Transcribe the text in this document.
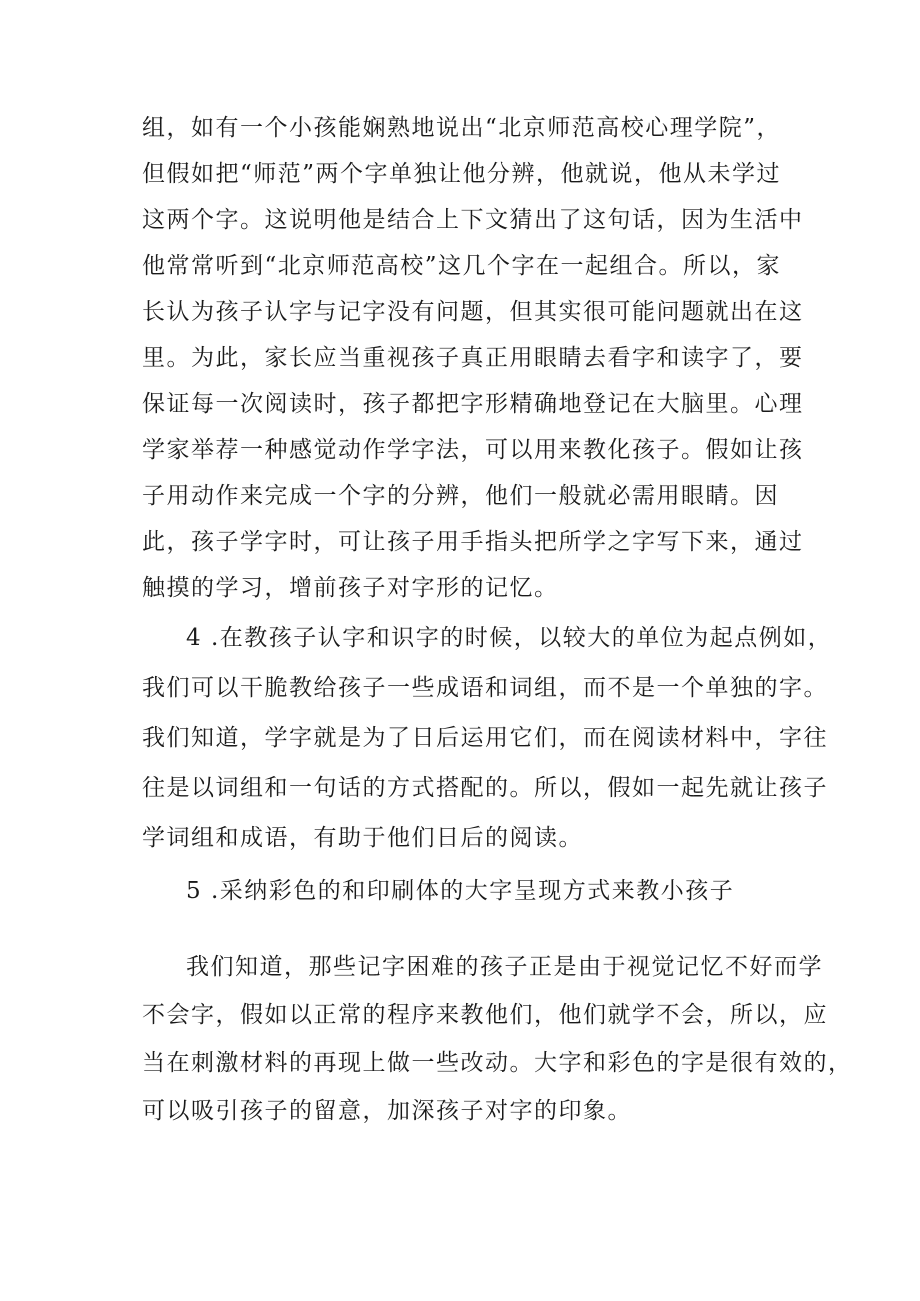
组，如有一个小孩能娴熟地说出“北京师范高校心理学院”，
但假如把“师范”两个字单独让他分辨，他就说，他从未学过
这两个字。这说明他是结合上下文猜出了这句话，因为生活中
他常常听到“北京师范高校”这几个字在一起组合。所以，家
长认为孩子认字与记字没有问题，但其实很可能问题就出在这
里。为此，家长应当重视孩子真正用眼睛去看字和读字了，要
保证每一次阅读时，孩子都把字形精确地登记在大脑里。心理
学家举荐一种感觉动作学字法，可以用来教化孩子。假如让孩
子用动作来完成一个字的分辨，他们一般就必需用眼睛。因
此，孩子学字时，可让孩子用手指头把所学之字写下来，通过
触摸的学习，增前孩子对字形的记忆。
4 .在教孩子认字和识字的时候，以较大的单位为起点例如，
我们可以干脆教给孩子一些成语和词组，而不是一个单独的字。
我们知道，学字就是为了日后运用它们，而在阅读材料中，字往
往是以词组和一句话的方式搭配的。所以，假如一起先就让孩子
学词组和成语，有助于他们日后的阅读。
5 .采纳彩色的和印刷体的大字呈现方式来教小孩子
我们知道，那些记字困难的孩子正是由于视觉记忆不好而学
不会字，假如以正常的程序来教他们，他们就学不会，所以，应
当在刺激材料的再现上做一些改动。大字和彩色的字是很有效的，
可以吸引孩子的留意，加深孩子对字的印象。
